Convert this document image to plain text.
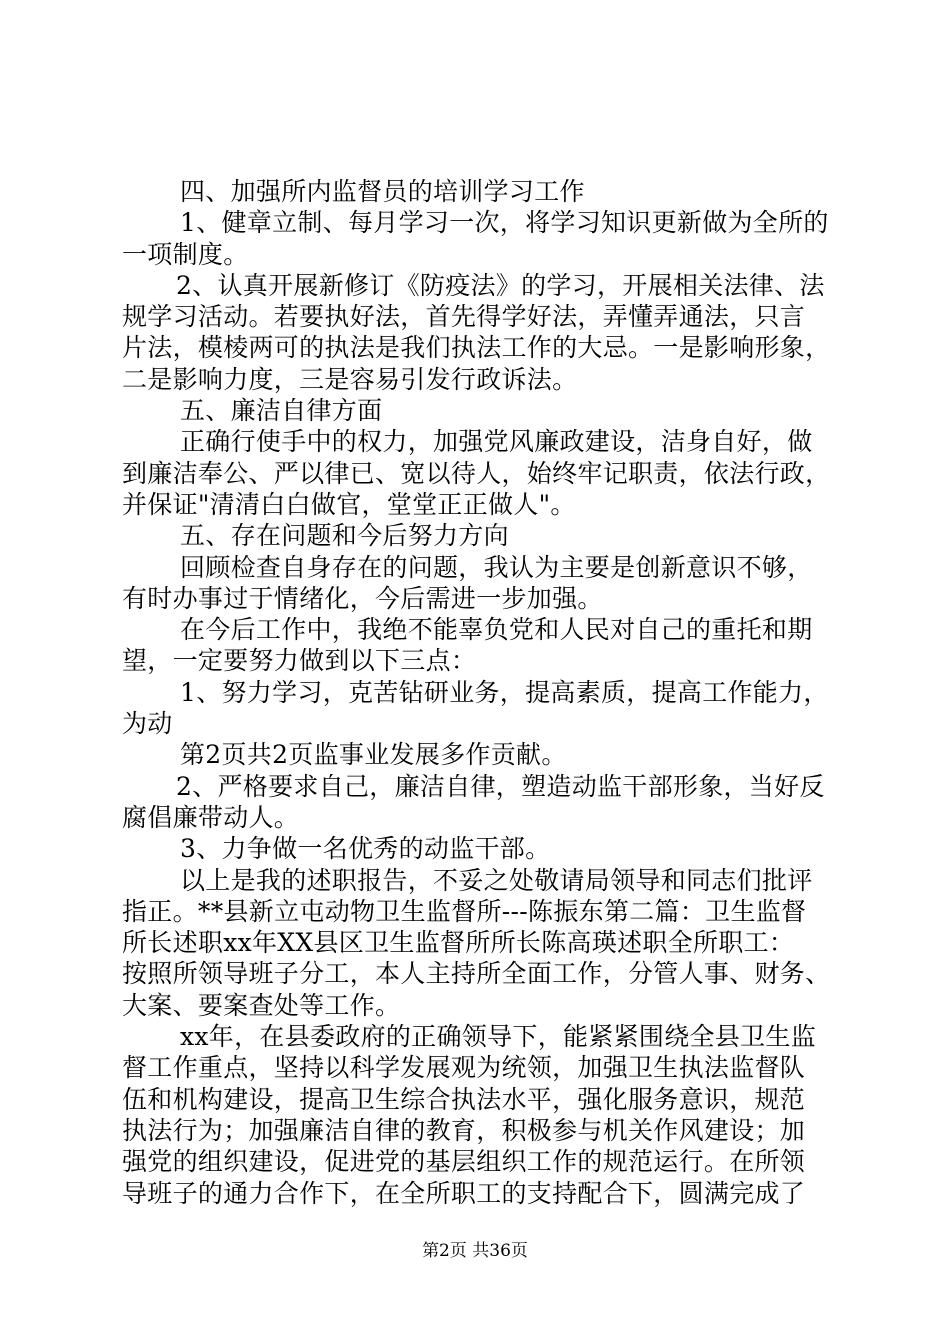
四、加强所内监督员的培训学习工作
1、健章立制、每月学习一次，将学习知识更新做为全所的
一项制度。
2、认真开展新修订《防疫法》的学习，开展相关法律、法
规学习活动。若要执好法，首先得学好法，弄懂弄通法，只言
片法，模棱两可的执法是我们执法工作的大忌。一是影响形象，
二是影响力度，三是容易引发行政诉法。
五、廉洁自律方面
正确行使手中的权力，加强党风廉政建设，洁身自好，做
到廉洁奉公、严以律已、宽以待人，始终牢记职责，依法行政，
并保证"清清白白做官，堂堂正正做人"。
五、存在问题和今后努力方向
回顾检查自身存在的问题，我认为主要是创新意识不够，
有时办事过于情绪化，今后需进一步加强。
在今后工作中，我绝不能辜负党和人民对自己的重托和期
望，一定要努力做到以下三点：
1、努力学习，克苦钻研业务，提高素质，提高工作能力，
为动
第2页共2页监事业发展多作贡献。
2、严格要求自己，廉洁自律，塑造动监干部形象，当好反
腐倡廉带动人。
3、力争做一名优秀的动监干部。
以上是我的述职报告，不妥之处敬请局领导和同志们批评
指正。**县新立屯动物卫生监督所---陈振东第二篇：卫生监督
所长述职xx年XX县区卫生监督所所长陈高瑛述职全所职工：
按照所领导班子分工，本人主持所全面工作，分管人事、财务、
大案、要案查处等工作。
xx年，在县委政府的正确领导下，能紧紧围绕全县卫生监
督工作重点，坚持以科学发展观为统领，加强卫生执法监督队
伍和机构建设，提高卫生综合执法水平，强化服务意识，规范
执法行为；加强廉洁自律的教育，积极参与机关作风建设；加
强党的组织建设，促进党的基层组织工作的规范运行。在所领
导班子的通力合作下，在全所职工的支持配合下，圆满完成了
第2页 共36页
